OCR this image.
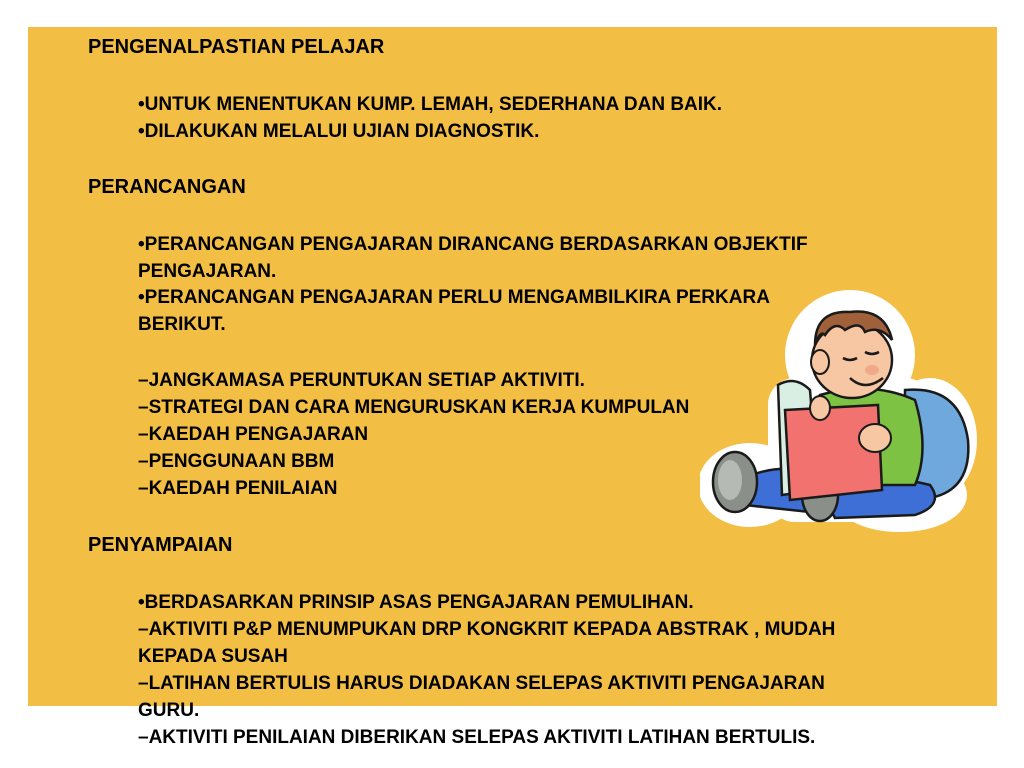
PENGENALPASTIAN PELAJAR

•UNTUK MENENTUKAN KUMP. LEMAH, SEDERHANA DAN BAIK.

•DILAKUKAN MELALUI UJIAN DIAGNOSTIK.

PERANCANGAN

•PERANCANGAN PENGAJARAN DIRANCANG BERDASARKAN OBJEKTIF

PENGAJARAN.

•PERANCANGAN PENGAJARAN PERLU MENGAMBILKIRA PERKARA

BERIKUT.

–JANGKAMASA PERUNTUKAN SETIAP AKTIVITI.

–STRATEGI DAN CARA MENGURUSKAN KERJA KUMPULAN

–KAEDAH PENGAJARAN

–PENGGUNAAN BBM

–KAEDAH PENILAIAN

PENYAMPAIAN

•BERDASARKAN PRINSIP ASAS PENGAJARAN PEMULIHAN.

–AKTIVITI P&P MENUMPUKAN DRP KONGKRIT KEPADA ABSTRAK , MUDAH

KEPADA SUSAH

–LATIHAN BERTULIS HARUS DIADAKAN SELEPAS AKTIVITI PENGAJARAN

GURU.

–AKTIVITI PENILAIAN DIBERIKAN SELEPAS AKTIVITI LATIHAN BERTULIS.
